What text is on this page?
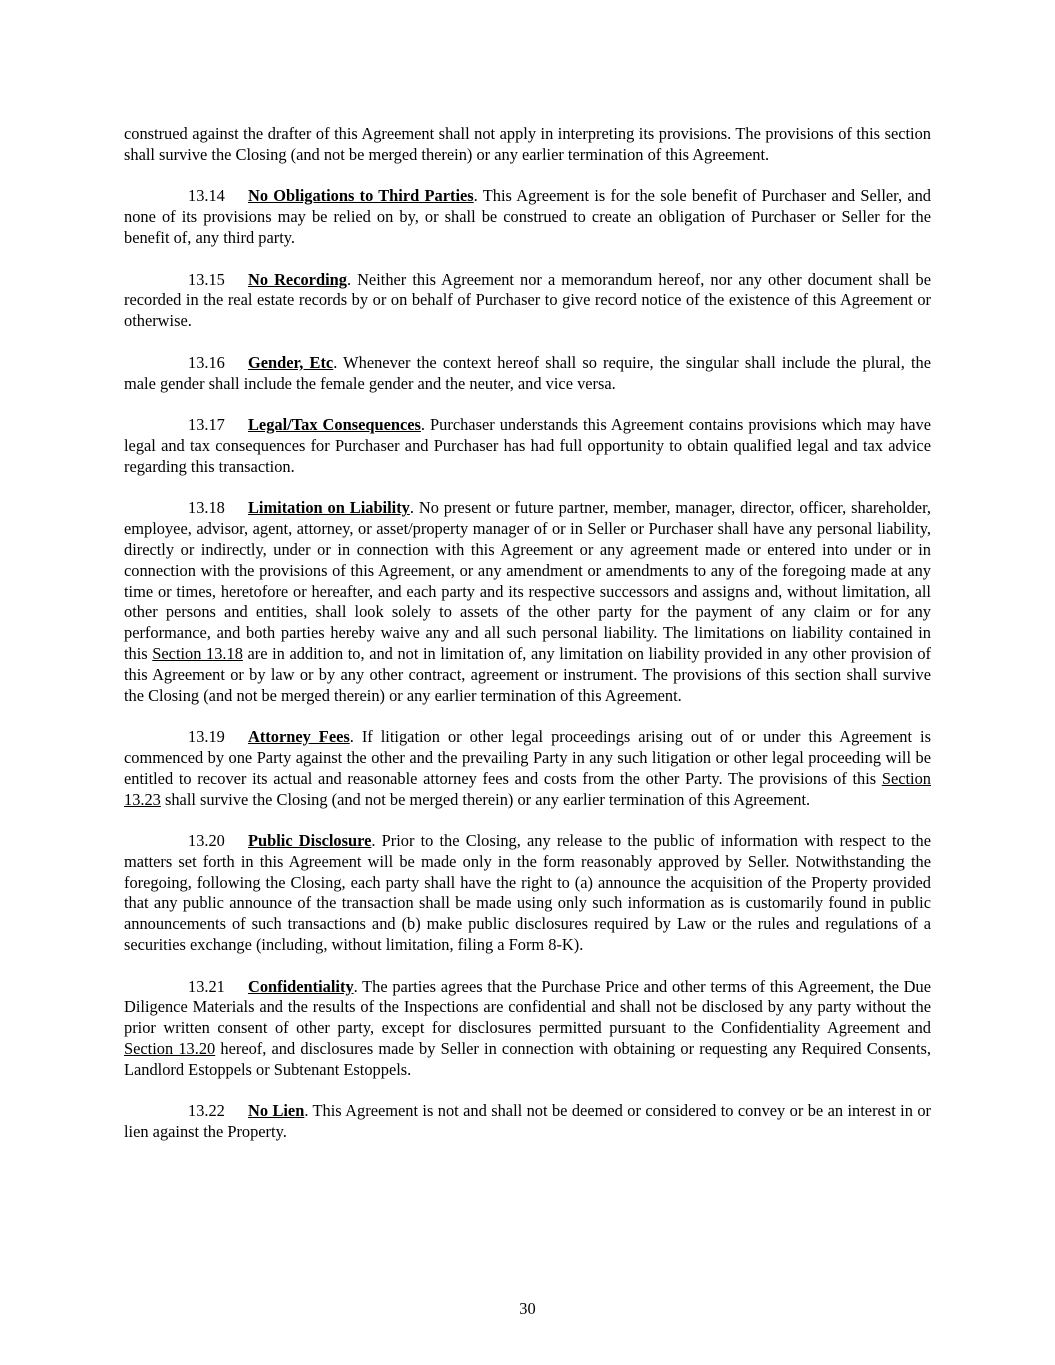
construed against the drafter of this Agreement shall not apply in interpreting its provisions. The provisions of this section shall survive the Closing (and not be merged therein) or any earlier termination of this Agreement.

13.14 No Obligations to Third Parties. This Agreement is for the sole benefit of Purchaser and Seller, and none of its provisions may be relied on by, or shall be construed to create an obligation of Purchaser or Seller for the benefit of, any third party.

13.15 No Recording. Neither this Agreement nor a memorandum hereof, nor any other document shall be recorded in the real estate records by or on behalf of Purchaser to give record notice of the existence of this Agreement or otherwise.

13.16 Gender, Etc. Whenever the context hereof shall so require, the singular shall include the plural, the male gender shall include the female gender and the neuter, and vice versa.

13.17 Legal/Tax Consequences. Purchaser understands this Agreement contains provisions which may have legal and tax consequences for Purchaser and Purchaser has had full opportunity to obtain qualified legal and tax advice regarding this transaction.

13.18 Limitation on Liability. No present or future partner, member, manager, director, officer, shareholder, employee, advisor, agent, attorney, or asset/property manager of or in Seller or Purchaser shall have any personal liability, directly or indirectly, under or in connection with this Agreement or any agreement made or entered into under or in connection with the provisions of this Agreement, or any amendment or amendments to any of the foregoing made at any time or times, heretofore or hereafter, and each party and its respective successors and assigns and, without limitation, all other persons and entities, shall look solely to assets of the other party for the payment of any claim or for any performance, and both parties hereby waive any and all such personal liability. The limitations on liability contained in this Section 13.18 are in addition to, and not in limitation of, any limitation on liability provided in any other provision of this Agreement or by law or by any other contract, agreement or instrument. The provisions of this section shall survive the Closing (and not be merged therein) or any earlier termination of this Agreement.

13.19 Attorney Fees. If litigation or other legal proceedings arising out of or under this Agreement is commenced by one Party against the other and the prevailing Party in any such litigation or other legal proceeding will be entitled to recover its actual and reasonable attorney fees and costs from the other Party. The provisions of this Section 13.23 shall survive the Closing (and not be merged therein) or any earlier termination of this Agreement.

13.20 Public Disclosure. Prior to the Closing, any release to the public of information with respect to the matters set forth in this Agreement will be made only in the form reasonably approved by Seller. Notwithstanding the foregoing, following the Closing, each party shall have the right to (a) announce the acquisition of the Property provided that any public announce of the transaction shall be made using only such information as is customarily found in public announcements of such transactions and (b) make public disclosures required by Law or the rules and regulations of a securities exchange (including, without limitation, filing a Form 8-K).

13.21 Confidentiality. The parties agrees that the Purchase Price and other terms of this Agreement, the Due Diligence Materials and the results of the Inspections are confidential and shall not be disclosed by any party without the prior written consent of other party, except for disclosures permitted pursuant to the Confidentiality Agreement and Section 13.20 hereof, and disclosures made by Seller in connection with obtaining or requesting any Required Consents, Landlord Estoppels or Subtenant Estoppels.

13.22 No Lien. This Agreement is not and shall not be deemed or considered to convey or be an interest in or lien against the Property.

30
